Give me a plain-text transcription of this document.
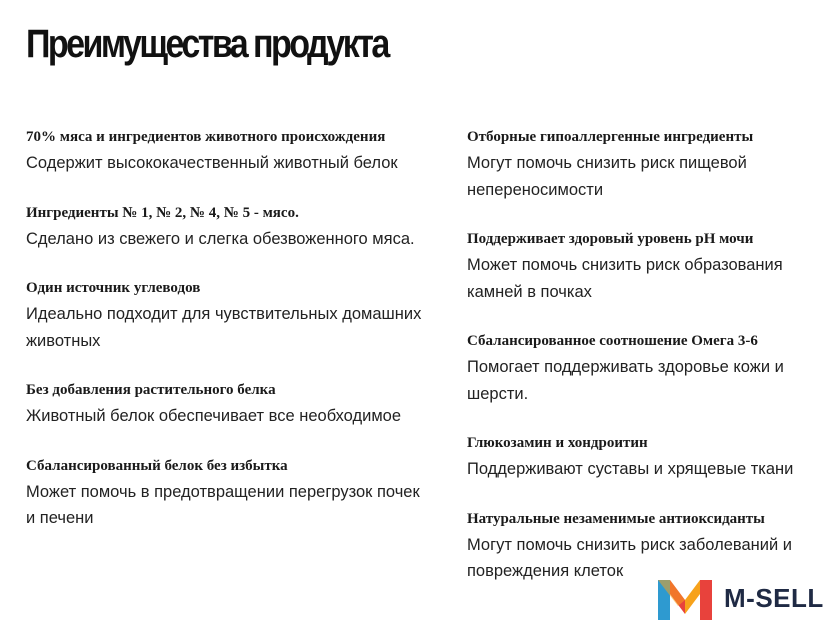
Преимущества продукта
70% мяса и ингредиентов животного происхождения
Содержит высококачественный животный белок
Ингредиенты № 1, № 2, № 4, № 5 - мясо.
Сделано из свежего и слегка обезвоженного мяса.
Один источник углеводов
Идеально подходит для чувствительных домашних животных
Без добавления растительного белка
Животный белок обеспечивает все необходимое
Сбалансированный белок без избытка
Может помочь в предотвращении перегрузок почек и печени
Отборные гипоаллергенные ингредиенты
Могут помочь снизить риск пищевой непереносимости
Поддерживает здоровый уровень pH мочи
Может помочь снизить риск образования камней в почках
Сбалансированное соотношение Омега 3-6
Помогает поддерживать здоровье кожи и шерсти.
Глюкозамин и хондроитин
Поддерживают суставы и хрящевые ткани
Натуральные незаменимые антиоксиданты
Могут помочь снизить риск заболеваний и повреждения клеток
M-SELL
